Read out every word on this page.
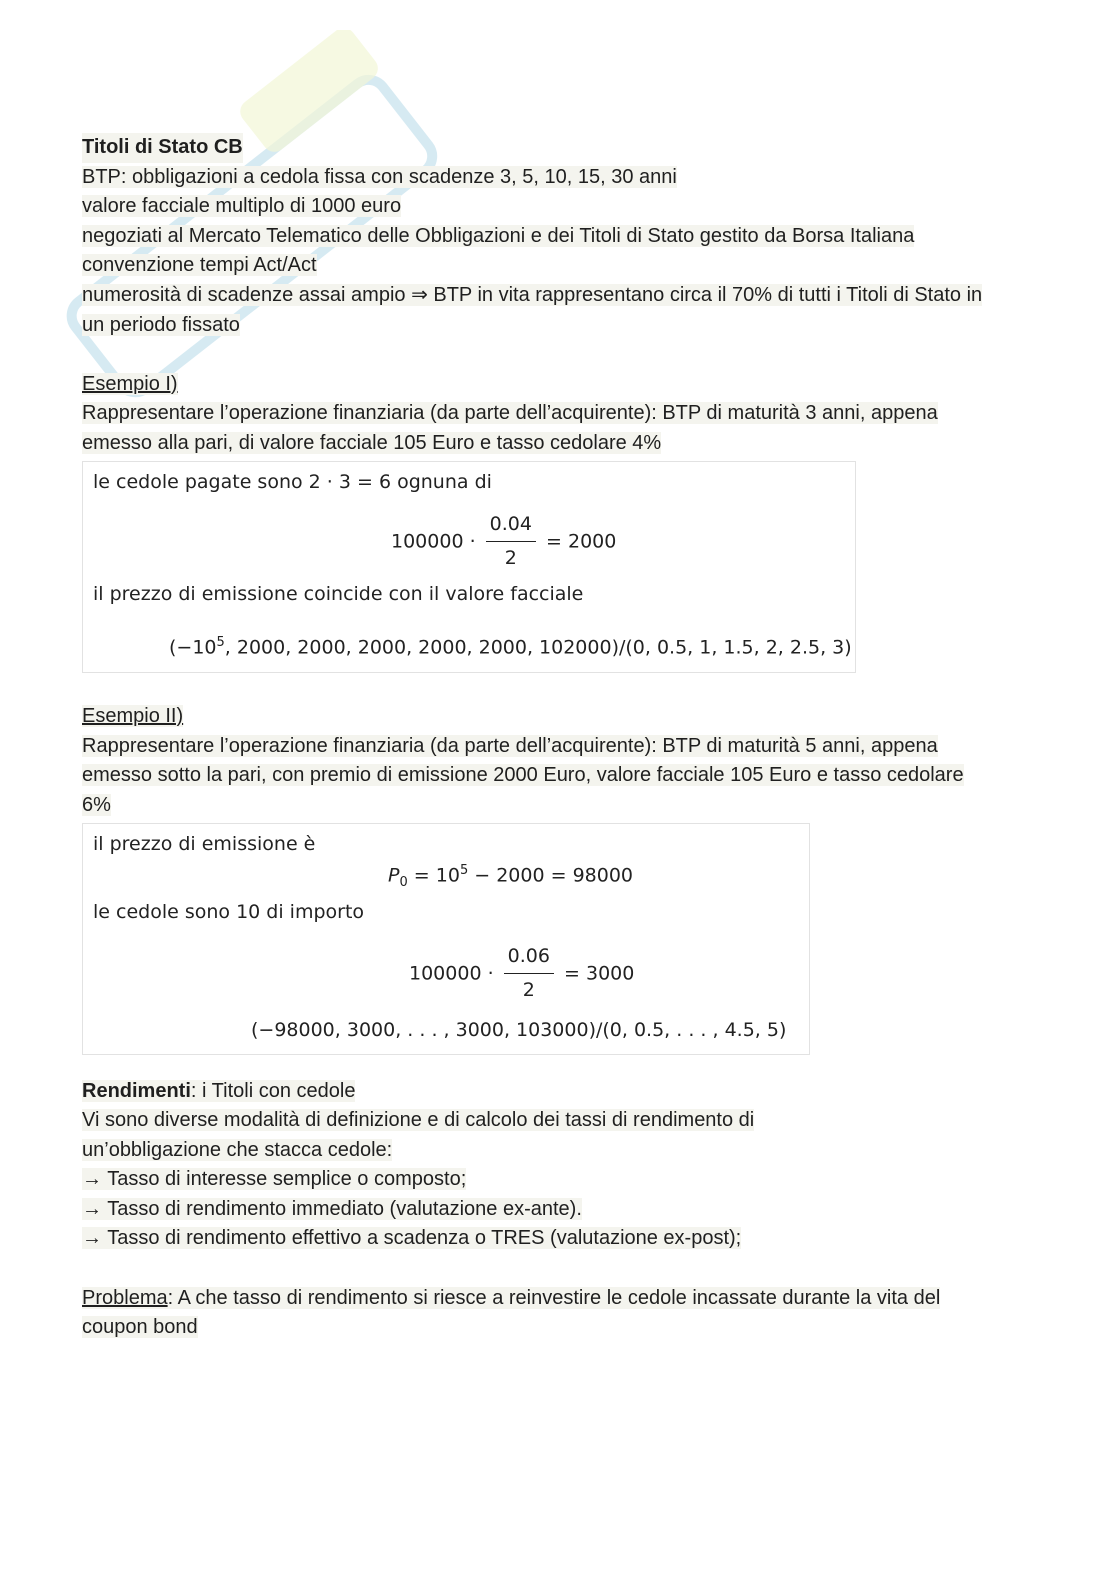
Titoli di Stato CB
BTP: obbligazioni a cedola fissa con scadenze 3, 5, 10, 15, 30 anni
valore facciale multiplo di 1000 euro
negoziati al Mercato Telematico delle Obbligazioni e dei Titoli di Stato gestito da Borsa Italiana
convenzione tempi Act/Act
numerosità di scadenze assai ampio ⇒ BTP in vita rappresentano circa il 70% di tutti i Titoli di Stato in un periodo fissato
Esempio I)
Rappresentare l’operazione finanziaria (da parte dell’acquirente): BTP di maturità 3 anni, appena emesso alla pari, di valore facciale 105 Euro e tasso cedolare 4%
le cedole pagate sono 2 · 3 = 6 ognuna di
$100000 \cdot \frac{0.04}{2} = 2000$
il prezzo di emissione coincide con il valore facciale
($-10^5$, 2000, 2000, 2000, 2000, 2000, 102000)/(0, 0.5, 1, 1.5, 2, 2.5, 3)
Esempio II)
Rappresentare l’operazione finanziaria (da parte dell’acquirente): BTP di maturità 5 anni, appena emesso sotto la pari, con premio di emissione 2000 Euro, valore facciale 105 Euro e tasso cedolare 6%
il prezzo di emissione è
$P_0 = 10^5 - 2000 = 98000$
le cedole sono 10 di importo
$100000 \cdot \frac{0.06}{2} = 3000$
(−98000, 3000, . . . , 3000, 103000)/(0, 0.5, . . . , 4.5, 5)
Rendimenti: i Titoli con cedole
Vi sono diverse modalità di definizione e di calcolo dei tassi di rendimento di un’obbligazione che stacca cedole:
→ Tasso di interesse semplice o composto;
→ Tasso di rendimento immediato (valutazione ex-ante).
→ Tasso di rendimento effettivo a scadenza o TRES (valutazione ex-post);
Problema: A che tasso di rendimento si riesce a reinvestire le cedole incassate durante la vita del coupon bond
